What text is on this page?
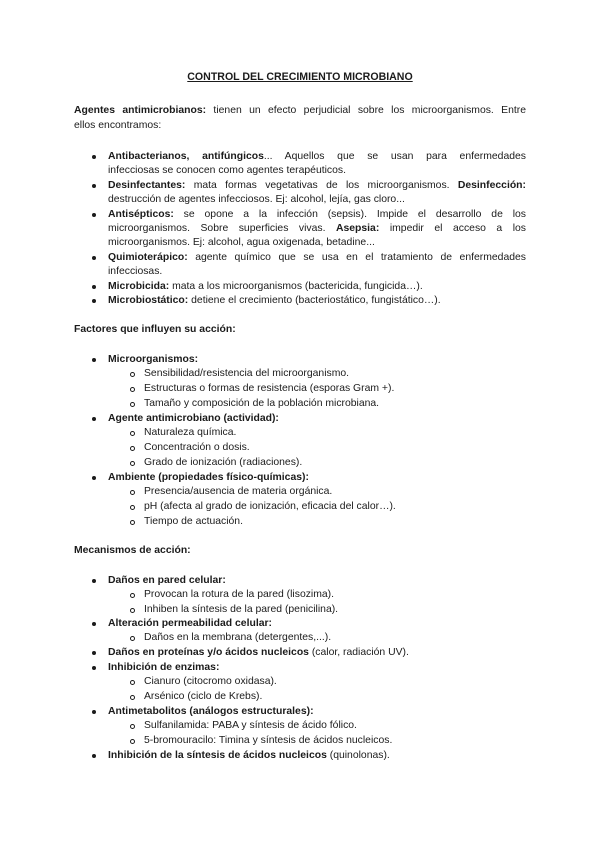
CONTROL DEL CRECIMIENTO MICROBIANO
Agentes antimicrobianos: tienen un efecto perjudicial sobre los microorganismos. Entre
ellos encontramos:
Antibacterianos, antifúngicos... Aquellos que se usan para enfermedades
infecciosas se conocen como agentes terapéuticos.
Desinfectantes: mata formas vegetativas de los microorganismos. Desinfección:
destrucción de agentes infecciosos. Ej: alcohol, lejía, gas cloro...
Antisépticos: se opone a la infección (sepsis). Impide el desarrollo de los
microorganismos. Sobre superficies vivas. Asepsia: impedir el acceso a los
microorganismos. Ej: alcohol, agua oxigenada, betadine...
Quimioterápico: agente químico que se usa en el tratamiento de enfermedades
infecciosas.
Microbicida: mata a los microorganismos (bactericida, fungicida…).
Microbiostático: detiene el crecimiento (bacteriostático, fungistático…).
Factores que influyen su acción:
Microorganismos:
Sensibilidad/resistencia del microorganismo.
Estructuras o formas de resistencia (esporas Gram +).
Tamaño y composición de la población microbiana.
Agente antimicrobiano (actividad):
Naturaleza química.
Concentración o dosis.
Grado de ionización (radiaciones).
Ambiente (propiedades físico-químicas):
Presencia/ausencia de materia orgánica.
pH (afecta al grado de ionización, eficacia del calor…).
Tiempo de actuación.
Mecanismos de acción:
Daños en pared celular:
Provocan la rotura de la pared (lisozima).
Inhiben la síntesis de la pared (penicilina).
Alteración permeabilidad celular:
Daños en la membrana (detergentes,...).
Daños en proteínas y/o ácidos nucleicos (calor, radiación UV).
Inhibición de enzimas:
Cianuro (citocromo oxidasa).
Arsénico (ciclo de Krebs).
Antimetabolitos (análogos estructurales):
Sulfanilamida: PABA y síntesis de ácido fólico.
5-bromouracilo: Timina y síntesis de ácidos nucleicos.
Inhibición de la síntesis de ácidos nucleicos (quinolonas).
